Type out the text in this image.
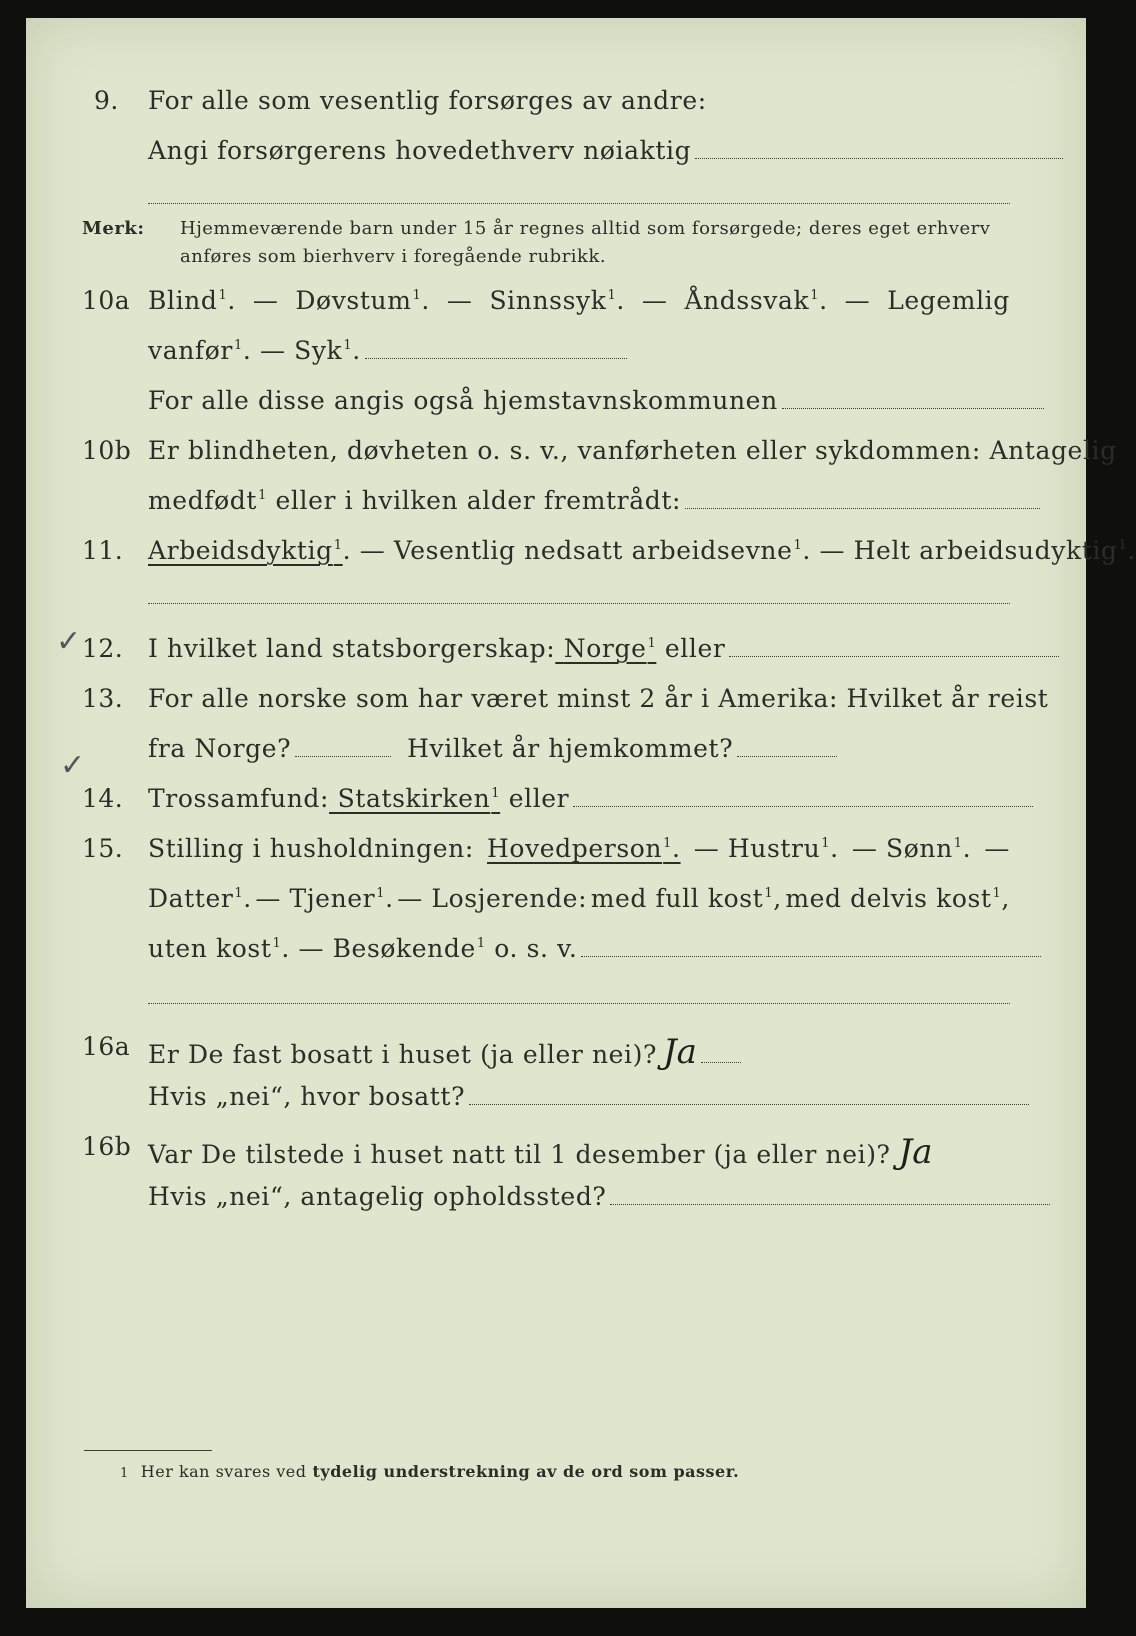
9. For alle som vesentlig forsørges av andre:
Angi forsørgerens hovedethverv nøiaktig
Merk:	Hjemmeværende barn under 15 år regnes alltid som forsørgede; deres eget erhverv
anføres som bierhverv i foregående rubrikk.
10a Blind$^1$. — Døvstum$^1$. — Sinnssyk$^1$. — Åndssvak$^1$. — Legemlig
vanfør$^1$. — Syk$^1$.
For alle disse angis også hjemstavnskommunen
10b Er blindheten, døvheten o. s. v., vanførheten eller sykdommen: Antagelig
medfødt$^1$ eller i hvilken alder fremtrådt:
11. Arbeidsdyktig$^1$ . — Vesentlig nedsatt arbeidsevne$^1$ . — Helt arbeidsudyktig$^1$.
✓ 12. I hvilket land statsborgerskap: Norge$^1$ eller
13. For alle norske som har været minst 2 år i Amerika: Hvilket år reist
fra Norge?	Hvilket år hjemkommet?
✓
14. Trossamfund: Statskirken$^1$ eller
15. Stilling i husholdningen: Hovedperson$^1$. — Hustru$^1$. — Sønn$^1$. —
Datter$^1$. — Tjener$^1$. — Losjerende: med full kost$^1$, med delvis kost$^1$,
uten kost$^1$. — Besøkende$^1$ o. s. v.
16a Er De fast bosatt i huset (ja eller nei)? Ja
Hvis „nei“, hvor bosatt?
16b Var De tilstede i huset natt til 1 desember (ja eller nei)? Ja
Hvis „nei“, antagelig opholdssted?
1 Her kan svares ved tydelig understrekning av de ord som passer.
